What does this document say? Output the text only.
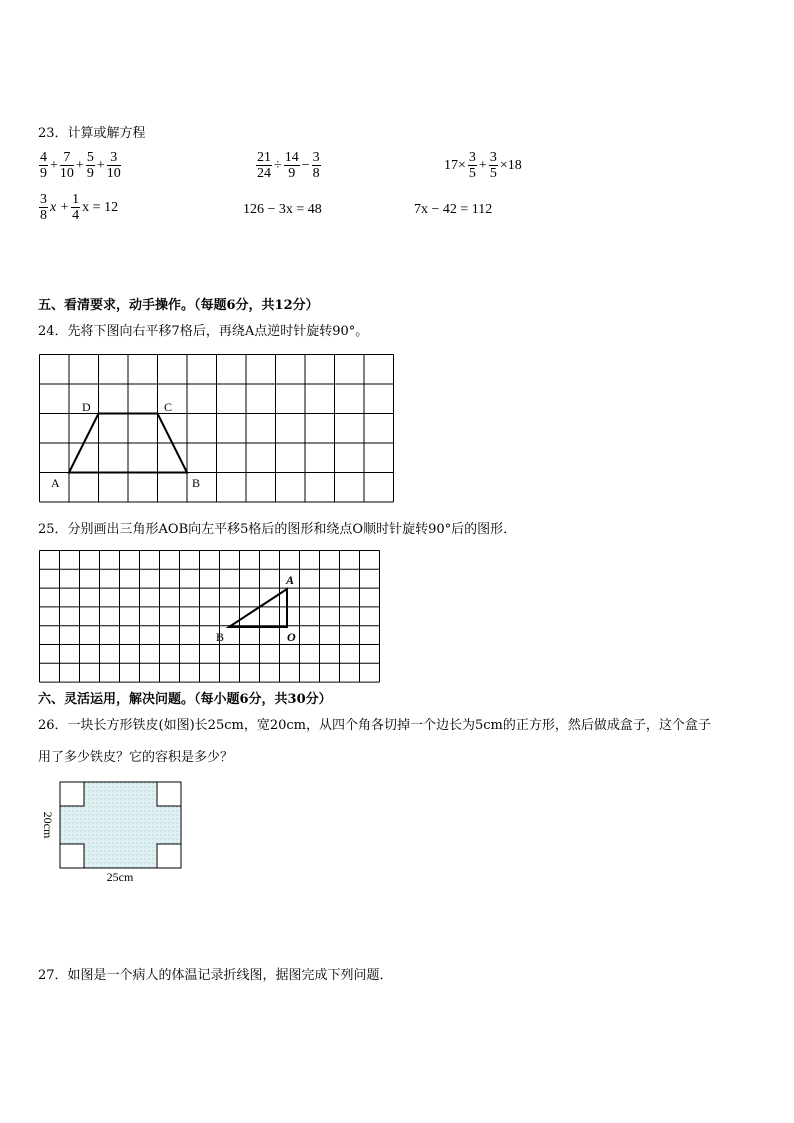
23．计算或解方程
$\frac{4}{9} + \frac{7}{10} + \frac{5}{9} + \frac{3}{10}$	$\frac{21}{24} \div \frac{14}{9} - \frac{3}{8}$	$17\times \frac{3}{5} + \frac{3}{5} \times 18$
$\frac{3}{8}$ $x + \frac{1}{4}$ x = 12	126 − 3x = 48	7x − 42 = 112
五、看清要求，动手操作。（每题6分，共12分）
24．先将下图向右平移7格后，再绕A点逆时针旋转90°。
A	B
C
D
25．分别画出三角形AOB向左平移5格后的图形和绕点O顺时针旋转90°后的图形．
B
A
O
六、灵活运用，解决问题。（每小题6分，共30分）
26．一块长方形铁皮(如图)长25cm，宽20cm，从四个角各切掉一个边长为5cm的正方形，然后做成盒子，这个盒子
用了多少铁皮？它的容积是多少？
25cm
20cm
27．如图是一个病人的体温记录折线图，据图完成下列问题．
